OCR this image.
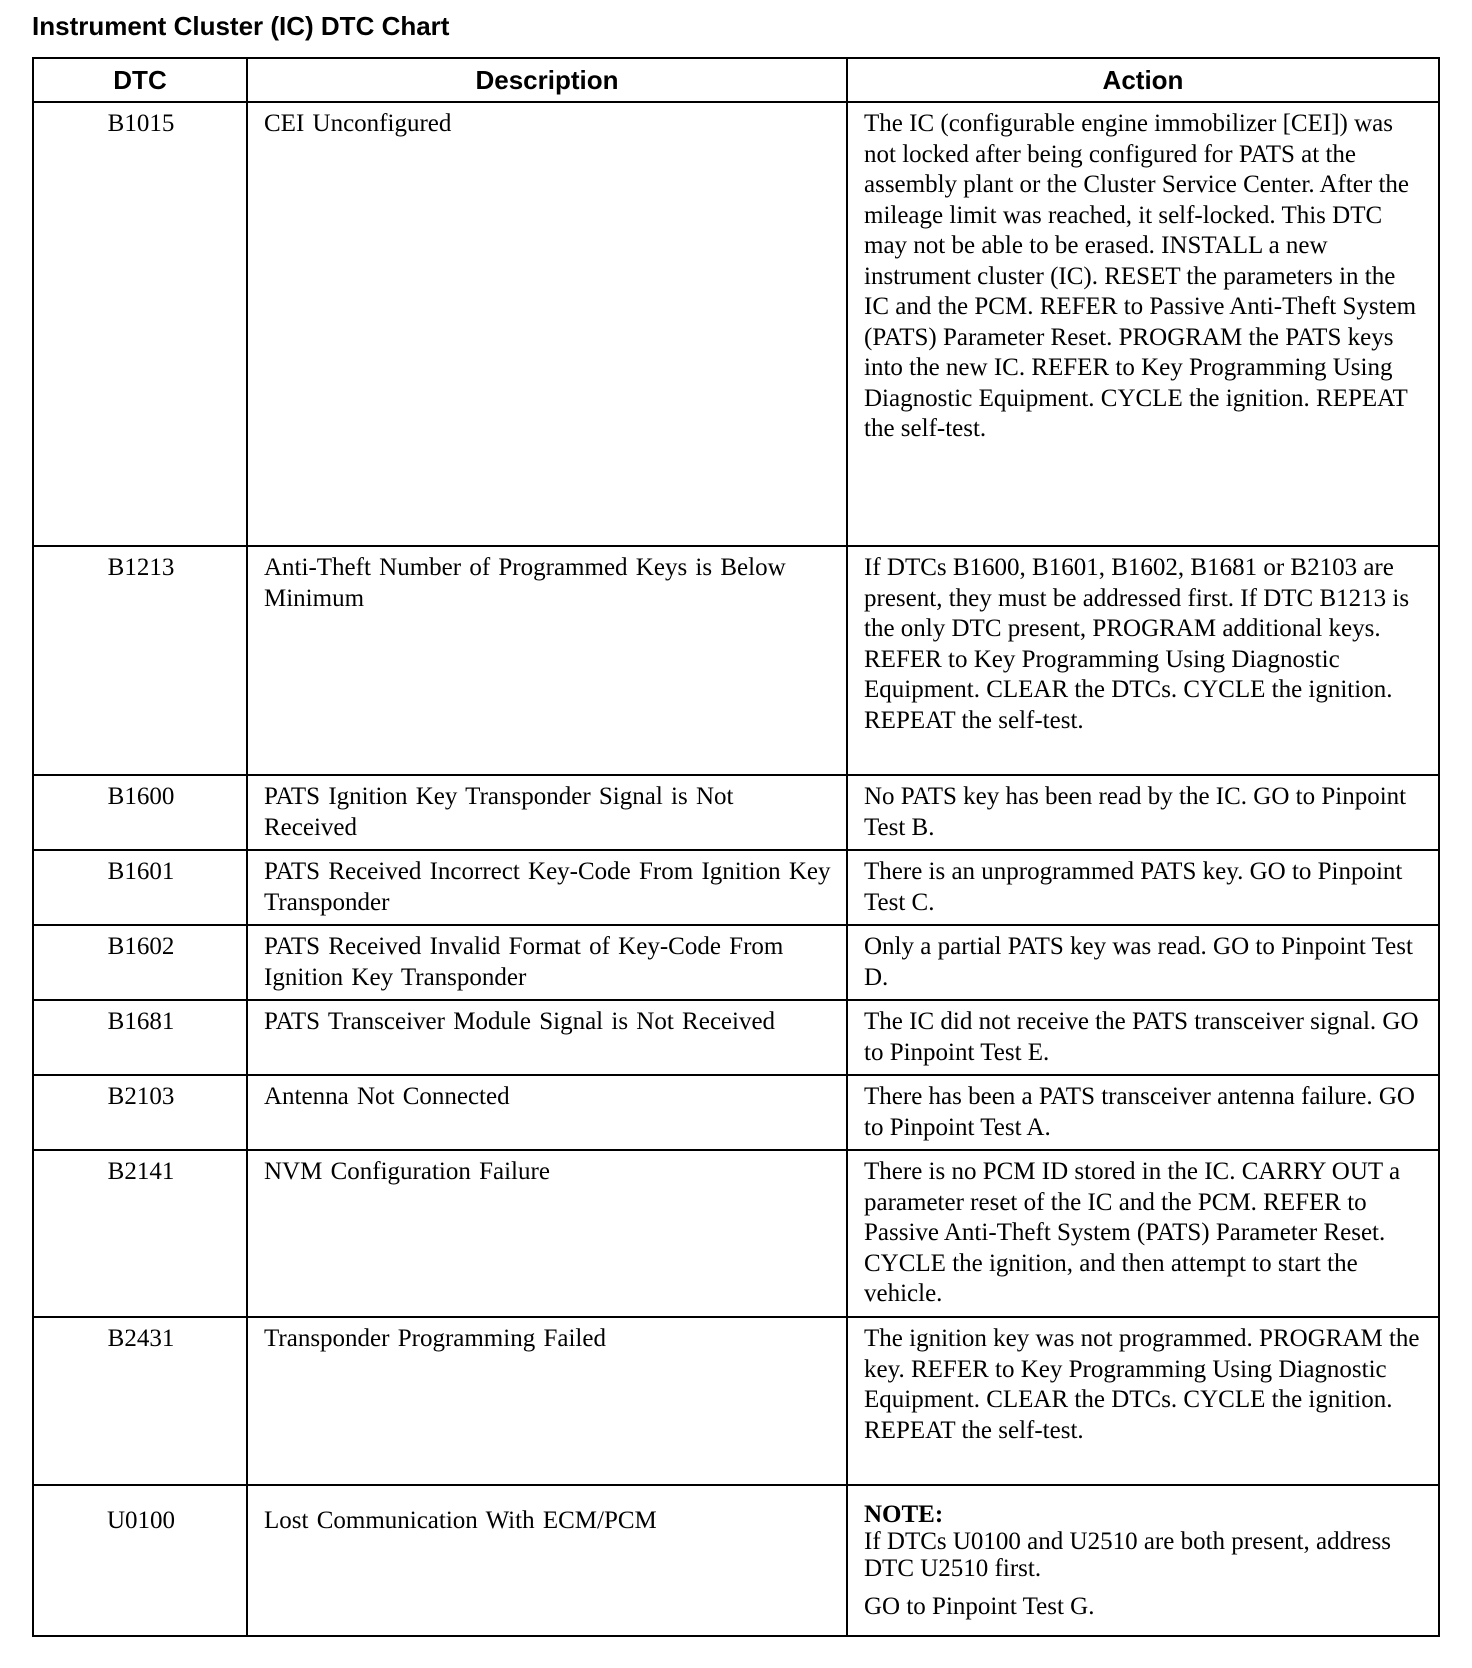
Instrument Cluster (IC) DTC Chart
DTC	Description	Action
B1015	CEI Unconfigured	The IC (configurable engine immobilizer [CEI]) was not locked after being configured for PATS at the assembly plant or the Cluster Service Center. After the mileage limit was reached, it self-locked. This DTC may not be able to be erased. INSTALL a new instrument cluster (IC). RESET the parameters in the IC and the PCM. REFER to Passive Anti-Theft System (PATS) Parameter Reset. PROGRAM the PATS keys into the new IC. REFER to Key Programming Using Diagnostic Equipment. CYCLE the ignition. REPEAT the self-test.
B1213	Anti-Theft Number of Programmed Keys is Below Minimum	If DTCs B1600, B1601, B1602, B1681 or B2103 are present, they must be addressed first. If DTC B1213 is the only DTC present, PROGRAM additional keys. REFER to Key Programming Using Diagnostic Equipment. CLEAR the DTCs. CYCLE the ignition. REPEAT the self-test.
B1600	PATS Ignition Key Transponder Signal is Not Received	No PATS key has been read by the IC. GO to Pinpoint Test B.
B1601	PATS Received Incorrect Key-Code From Ignition Key Transponder	There is an unprogrammed PATS key. GO to Pinpoint Test C.
B1602	PATS Received Invalid Format of Key-Code From Ignition Key Transponder	Only a partial PATS key was read. GO to Pinpoint Test D.
B1681	PATS Transceiver Module Signal is Not Received	The IC did not receive the PATS transceiver signal. GO to Pinpoint Test E.
B2103	Antenna Not Connected	There has been a PATS transceiver antenna failure. GO to Pinpoint Test A.
B2141	NVM Configuration Failure	There is no PCM ID stored in the IC. CARRY OUT a parameter reset of the IC and the PCM. REFER to Passive Anti-Theft System (PATS) Parameter Reset. CYCLE the ignition, and then attempt to start the vehicle.
B2431	Transponder Programming Failed	The ignition key was not programmed. PROGRAM the key. REFER to Key Programming Using Diagnostic Equipment. CLEAR the DTCs. CYCLE the ignition. REPEAT the self-test.
U0100	Lost Communication With ECM/PCM	NOTE:
If DTCs U0100 and U2510 are both present, address DTC U2510 first.
GO to Pinpoint Test G.
